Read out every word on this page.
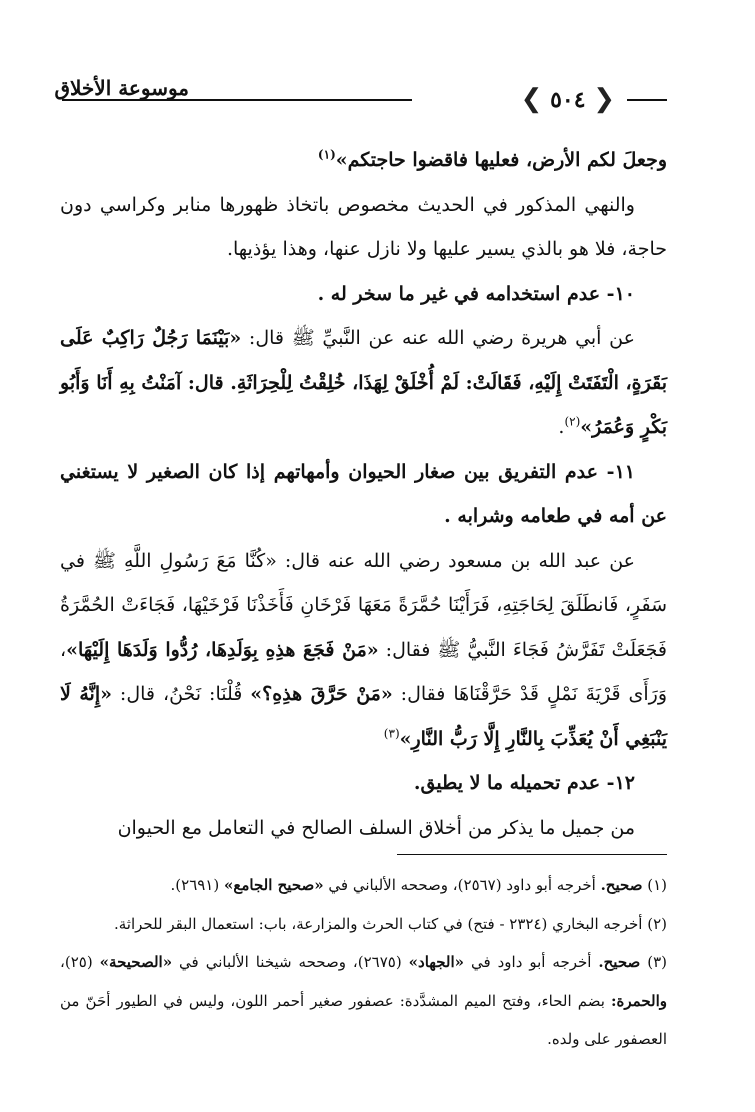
❮ ٥٠٤ ❯
موسوعة الأخلاق

وجعلَ لكم الأرض، فعليها فاقضوا حاجتكم»$^{(١)}$

والنهي المذكور في الحديث مخصوص باتخاذ ظهورها منابر وكراسي دون حاجة، فلا هو بالذي يسير عليها ولا نازل عنها، وهذا يؤذيها.

١٠- عدم استخدامه في غير ما سخر له .

عن أبي هريرة رضي الله عنه عن النَّبيِّ ﷺ قال: «بَيْنَمَا رَجُلٌ رَاكِبٌ عَلَى بَقَرَةٍ، الْتَفَتَتْ إِلَيْهِ، فَقَالَتْ: لَمْ أُخْلَقْ لِهَذَا، خُلِقْتُ لِلْحِرَاثَةِ. قال: آمَنْتُ بِهِ أَنَا وَأَبُو بَكْرٍ وَعُمَرُ»$^{(٢)}$.

١١- عدم التفريق بين صغار الحيوان وأمهاتهم إذا كان الصغير لا يستغني عن أمه في طعامه وشرابه .

عن عبد الله بن مسعود رضي الله عنه قال: «كُنَّا مَعَ رَسُولِ اللَّهِ ﷺ في سَفَرٍ، فَانطَلَقَ لِحَاجَتِهِ، فَرَأَيْنَا حُمَّرَةً مَعَهَا فَرْخَانِ فَأَخَذْنَا فَرْخَيْهَا، فَجَاءَتْ الحُمَّرَةُ فَجَعَلَتْ تَفَرَّشُ فَجَاءَ النَّبيُّ ﷺ فقال: «مَنْ فَجَعَ هذِهِ بِوَلَدِهَا، رُدُّوا وَلَدَهَا إِلَيْهَا»، وَرَأَى قَرْيَةَ نَمْلٍ قَدْ حَرَّقْنَاهَا فقال: «مَنْ حَرَّقَ هذِهِ؟» قُلْنَا: نَحْنُ، قال: «إِنَّهُ لَا يَنْبَغِي أَنْ يُعَذِّبَ بِالنَّارِ إِلَّا رَبُّ النَّارِ»$^{(٣)}$

١٢- عدم تحميله ما لا يطيق.

من جميل ما يذكر من أخلاق السلف الصالح في التعامل مع الحيوان

(١) صحيح. أخرجه أبو داود (٢٥٦٧)، وصححه الألباني في «صحيح الجامع» (٢٦٩١).

(٢) أخرجه البخاري (٢٣٢٤ - فتح) في كتاب الحرث والمزارعة، باب: استعمال البقر للحراثة.

(٣) صحيح. أخرجه أبو داود في «الجهاد» (٢٦٧٥)، وصححه شيخنا الألباني في «الصحيحة» (٢٥)، والحمرة: بضم الحاء، وفتح الميم المشدَّدة: عصفور صغير أحمر اللون، وليس في الطيور أحَنّ من العصفور على ولده.
